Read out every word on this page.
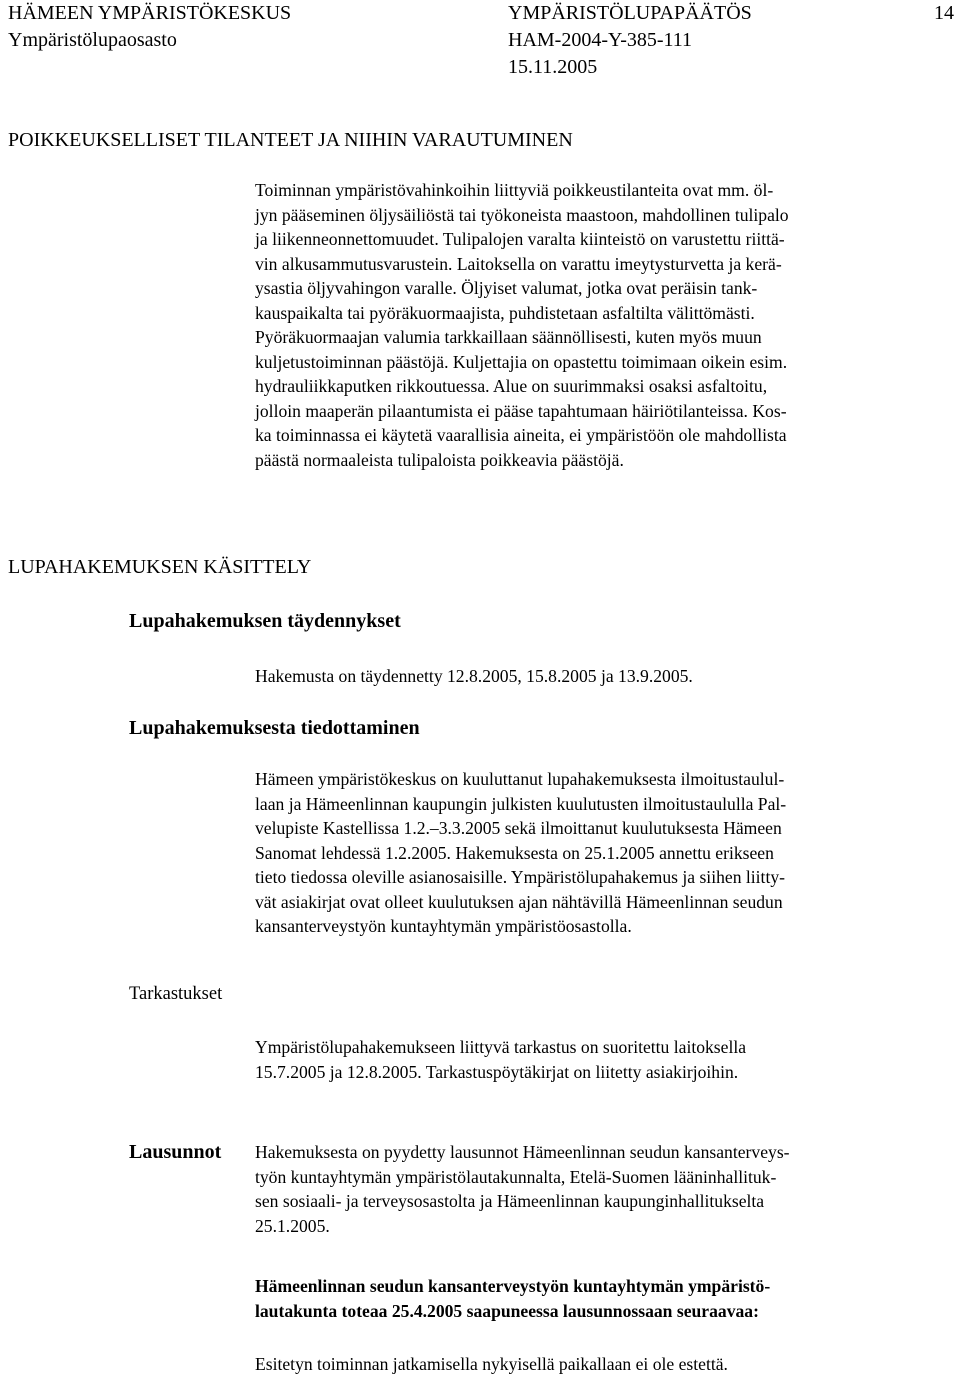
HÄMEEN YMPÄRISTÖKESKUS
Ympäristölupaosasto
YMPÄRISTÖLUPAPÄÄTÖS
HAM-2004-Y-385-111
15.11.2005
14
POIKKEUKSELLISET TILANTEET JA NIIHIN VARAUTUMINEN
Toiminnan ympäristövahinkoihin liittyviä poikkeustilanteita ovat mm. öl-
jyn pääseminen öljysäiliöstä tai työkoneista maastoon, mahdollinen tulipalo
ja liikenneonnettomuudet. Tulipalojen varalta kiinteistö on varustettu riittä-
vin alkusammutusvarustein. Laitoksella on varattu imeytysturvetta ja kerä-
ysastia öljyvahingon varalle. Öljyiset valumat, jotka ovat peräisin tank-
kauspaikalta tai pyöräkuormaajista, puhdistetaan asfaltilta välittömästi.
Pyöräkuormaajan valumia tarkkaillaan säännöllisesti, kuten myös muun
kuljetustoiminnan päästöjä. Kuljettajia on opastettu toimimaan oikein esim.
hydrauliikkaputken rikkoutuessa. Alue on suurimmaksi osaksi asfaltoitu,
jolloin maaperän pilaantumista ei pääse tapahtumaan häiriötilanteissa. Kos-
ka toiminnassa ei käytetä vaarallisia aineita, ei ympäristöön ole mahdollista
päästä normaaleista tulipaloista poikkeavia päästöjä.
LUPAHAKEMUKSEN KÄSITTELY
Lupahakemuksen täydennykset
Hakemusta on täydennetty 12.8.2005, 15.8.2005 ja 13.9.2005.
Lupahakemuksesta tiedottaminen
Hämeen ympäristökeskus on kuuluttanut lupahakemuksesta ilmoitustaulul-
laan ja Hämeenlinnan kaupungin julkisten kuulutusten ilmoitustaululla Pal-
velupiste Kastellissa 1.2.–3.3.2005 sekä ilmoittanut kuulutuksesta Hämeen
Sanomat lehdessä 1.2.2005. Hakemuksesta on 25.1.2005 annettu erikseen
tieto tiedossa oleville asianosaisille. Ympäristölupahakemus ja siihen liitty-
vät asiakirjat ovat olleet kuulutuksen ajan nähtävillä Hämeenlinnan seudun
kansanterveystyön kuntayhtymän ympäristöosastolla.
Tarkastukset
Ympäristölupahakemukseen liittyvä tarkastus on suoritettu laitoksella
15.7.2005 ja 12.8.2005. Tarkastuspöytäkirjat on liitetty asiakirjoihin.
Lausunnot Hakemuksesta on pyydetty lausunnot Hämeenlinnan seudun kansanterveys-
työn kuntayhtymän ympäristölautakunnalta, Etelä-Suomen lääninhallituk-
sen sosiaali- ja terveysosastolta ja Hämeenlinnan kaupunginhallitukselta
25.1.2005.
Hämeenlinnan seudun kansanterveystyön kuntayhtymän ympäristö-
lautakunta toteaa 25.4.2005 saapuneessa lausunnossaan seuraavaa:
Esitetyn toiminnan jatkamisella nykyisellä paikallaan ei ole estettä.
